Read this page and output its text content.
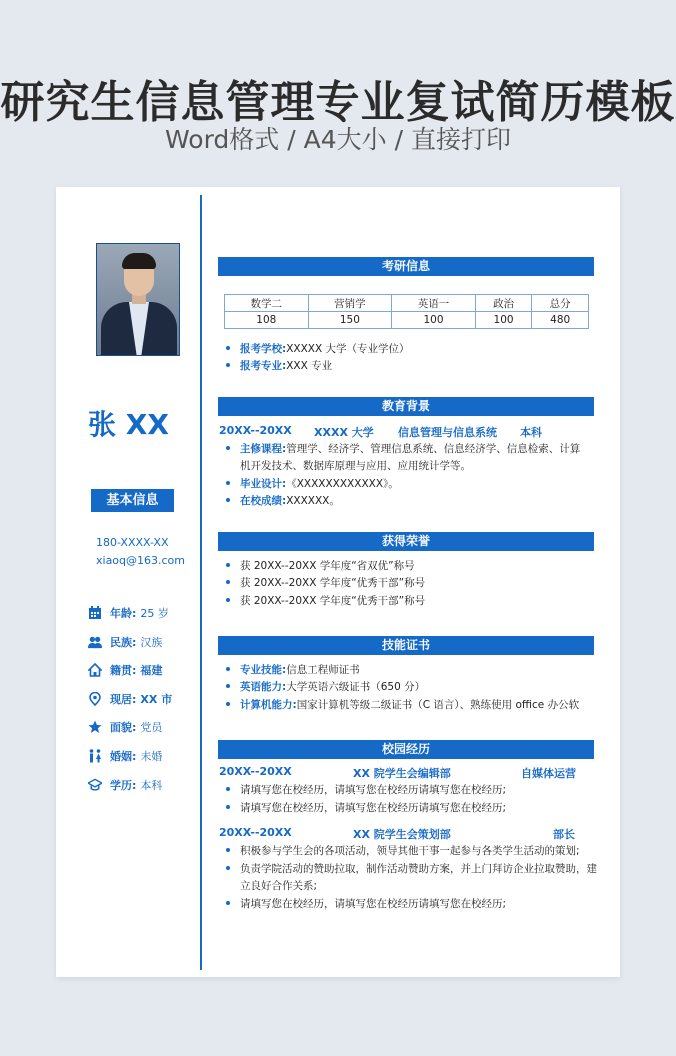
研究生信息管理专业复试简历模板
Word格式 / A4大小 / 直接打印
张 XX
基本信息
180-XXXX-XX
xiaoq@163.com
年龄: 25 岁
民族: 汉族
籍贯: 福建
现居: XX 市
面貌: 党员
婚姻: 未婚
学历: 本科
考研信息
数学二	营销学	英语一	政治	总分
108	150	100	100	480
报考学校:XXXXX 大学（专业学位）
报考专业:XXX 专业
教育背景
20XX--20XX XXXX 大学 信息管理与信息系统 本科
主修课程:管理学、经济学、管理信息系统、信息经济学、信息检索、计算
机开发技术、数据库原理与应用、应用统计学等。
毕业设计:《XXXXXXXXXXXX》。
在校成绩:XXXXXX。
获得荣誉
获 20XX--20XX 学年度“省双优”称号
获 20XX--20XX 学年度“优秀干部”称号
获 20XX--20XX 学年度“优秀干部”称号
技能证书
专业技能:信息工程师证书
英语能力:大学英语六级证书（650 分）
计算机能力:国家计算机等级二级证书（C 语言）、熟练使用 office 办公软
校园经历
20XX--20XX	XX 院学生会编辑部	自媒体运营
请填写您在校经历，请填写您在校经历请填写您在校经历;
请填写您在校经历，请填写您在校经历请填写您在校经历;
20XX--20XX	XX 院学生会策划部	部长
积极参与学生会的各项活动，领导其他干事一起参与各类学生活动的策划;
负责学院活动的赞助拉取，制作活动赞助方案，并上门拜访企业拉取赞助，建
立良好合作关系;
请填写您在校经历，请填写您在校经历请填写您在校经历;
